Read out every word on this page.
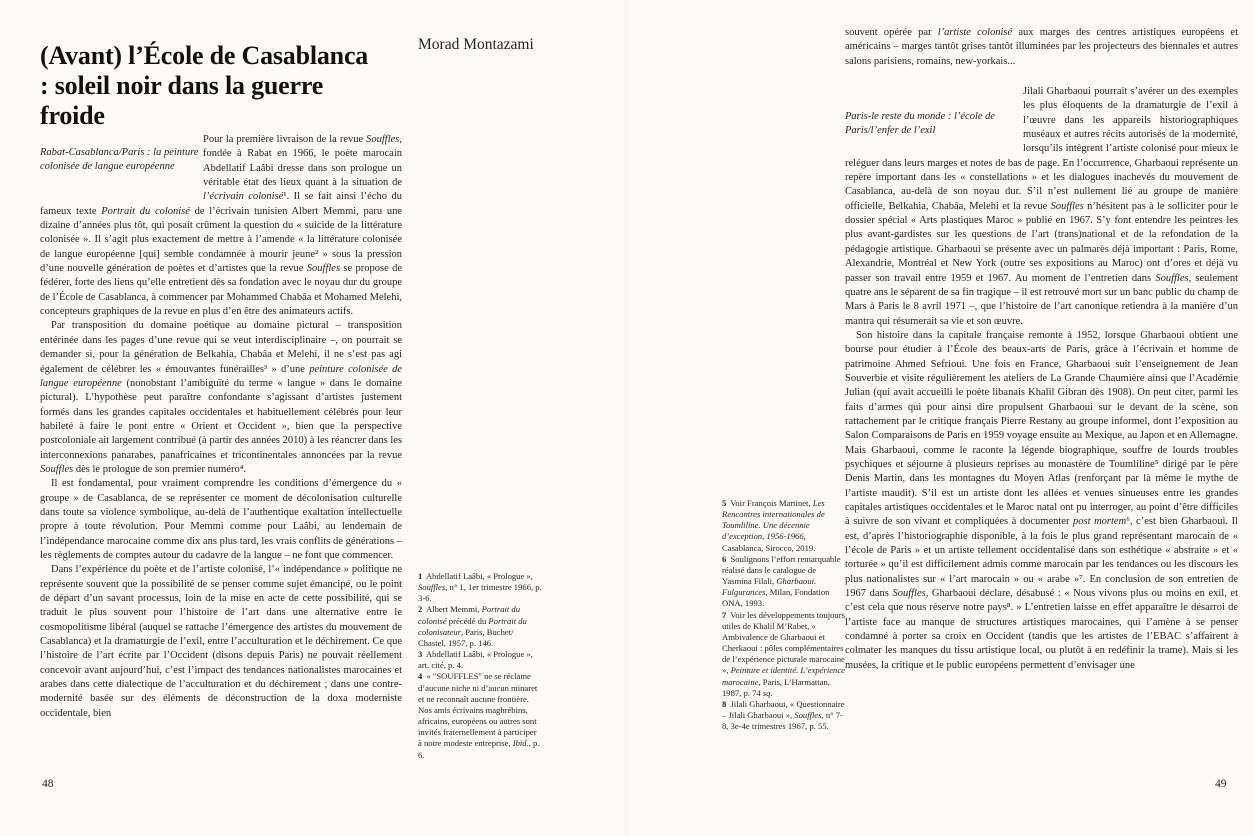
(Avant) l’École de Casablanca : soleil noir dans la guerre froide
Morad Montazami

Rabat-Casablanca/Paris : la peinture colonisée de langue européenne
Pour la première livraison de la revue Souffles, fondée à Rabat en 1966, le poète marocain Abdellatif Laâbi dresse dans son prologue un véritable état des lieux quant à la situation de l’écrivain colonisé¹. Il se fait ainsi l’écho du fameux texte Portrait du colonisé de l’écrivain tunisien Albert Memmi, paru une dizaine d’années plus tôt, qui posait crûment la question du « suicide de la littérature colonisée ». Il s’agit plus exactement de mettre à l’amende « la littérature colonisée de langue européenne [qui] semble condamnée à mourir jeune² » sous la pression d’une nouvelle génération de poètes et d’artistes que la revue Souffles se propose de fédérer, forte des liens qu’elle entretient dès sa fondation avec le noyau dur du groupe de l’École de Casablanca, à commencer par Mohammed Chabâa et Mohamed Melehi, concepteurs graphiques de la revue en plus d’en être des animateurs actifs.

Par transposition du domaine poétique au domaine pictural – transposition entérinée dans les pages d’une revue qui se veut interdisciplinaire –, on pourrait se demander si, pour la génération de Belkahia, Chabâa et Melehi, il ne s’est pas agi également de célébrer les « émouvantes funérailles³ » d’une peinture colonisée de langue européenne (nonobstant l’ambiguïté du terme « langue » dans le domaine pictural). L’hypothèse peut paraître confondante s’agissant d’artistes justement formés dans les grandes capitales occidentales et habituellement célébrés pour leur habileté à faire le pont entre « Orient et Occident », bien que la perspective postcoloniale ait largement contribué (à partir des années 2010) à les réancrer dans les interconnexions panarabes, panafricaines et tricontinentales annoncées par la revue Souffles dès le prologue de son premier numéro⁴.

Il est fondamental, pour vraiment comprendre les conditions d’émergence du « groupe » de Casablanca, de se représenter ce moment de décolonisation culturelle dans toute sa violence symbolique, au-delà de l’authentique exaltation intellectuelle propre à toute révolution. Pour Memmi comme pour Laâbi, au lendemain de l’indépendance marocaine comme dix ans plus tard, les vrais conflits de générations – les règlements de comptes autour du cadavre de la langue – ne font que commencer.

Dans l’expérience du poète et de l’artiste colonisé, l’« indépendance » politique ne représente souvent que la possibilité de se penser comme sujet émancipé, ou le point de départ d’un savant processus, loin de la mise en acte de cette possibilité, qui se traduit le plus souvent pour l’histoire de l’art dans une alternative entre le cosmopolitisme libéral (auquel se rattache l’émergence des artistes du mouvement de Casablanca) et la dramaturgie de l’exil, entre l’acculturation et le déchirement. Ce que l’histoire de l’art écrite par l’Occident (disons depuis Paris) ne pouvait réellement concevoir avant aujourd’hui, c’est l’impact des tendances nationalistes marocaines et arabes dans cette dialectique de l’acculturation et du déchirement ; dans une contre-modernité basée sur des éléments de déconstruction de la doxa moderniste occidentale, bien

1 Abdellatif Laâbi, « Prologue », Souffles, n° 1, 1er trimestre 1966, p. 3-6.

2 Albert Memmi, Portrait du colonisé précédé du Portrait du colonisateur, Paris, Buchet/ Chastel, 1957, p. 146.

3 Abdellatif Laâbi, « Prologue », art. cité, p. 4.

4 « "SOUFFLES" ne se réclame d’aucune niche ni d’aucun minaret et ne reconnaît aucune frontière. Nos amis écrivains maghrébins, africains, européens ou autres sont invités fraternellement à participer à notre modeste entreprise, Ibid., p. 6.

48

souvent opérée par l’artiste colonisé aux marges des centres artistiques européens et américains – marges tantôt grises tantôt illuminées par les projecteurs des biennales et autres salons parisiens, romains, new-yorkais...

Paris-le reste du monde : l’école de Paris/l’enfer de l’exil
Jilali Gharbaoui pourrait s’avérer un des exemples les plus éloquents de la dramaturgie de l’exil à l’œuvre dans les appareils historiographiques muséaux et autres récits autorisés de la modernité, lorsqu’ils intègrent l’artiste colonisé pour mieux le reléguer dans leurs marges et notes de bas de page. En l’occurrence, Gharbaoui représente un repère important dans les « constellations » et les dialogues inachevés du mouvement de Casablanca, au-delà de son noyau dur. S’il n’est nullement lié au groupe de manière officielle, Belkahia, Chabâa, Melehi et la revue Souffles n’hésitent pas à le solliciter pour le dossier spécial « Arts plastiques Maroc » publié en 1967. S’y font entendre les peintres les plus avant-gardistes sur les questions de l’art (trans)national et de la refondation de la pédagogie artistique. Gharbaoui se présente avec un palmarès déjà important : Paris, Rome, Alexandrie, Montréal et New York (outre ses expositions au Maroc) ont d’ores et déjà vu passer son travail entre 1959 et 1967. Au moment de l’entretien dans Souffles, seulement quatre ans le séparent de sa fin tragique – il est retrouvé mort sur un banc public du champ de Mars à Paris le 8 avril 1971 –, que l’histoire de l’art canonique retiendra à la manière d’un mantra qui résumerait sa vie et son œuvre.

Son histoire dans la capitale française remonte à 1952, lorsque Gharbaoui obtient une bourse pour étudier à l’École des beaux-arts de Paris, grâce à l’écrivain et homme de patrimoine Ahmed Sefrioui. Une fois en France, Gharbaoui suit l’enseignement de Jean Souverbie et visite régulièrement les ateliers de La Grande Chaumière ainsi que l’Académie Julian (qui avait accueilli le poète libanais Khalil Gibran dès 1908). On peut citer, parmi les faits d’armes qui pour ainsi dire propulsent Gharbaoui sur le devant de la scène, son rattachement par le critique français Pierre Restany au groupe informel, dont l’exposition au Salon Comparaisons de Paris en 1959 voyage ensuite au Mexique, au Japon et en Allemagne. Mais Gharbaoui, comme le raconte la légende biographique, souffre de lourds troubles psychiques et séjourne à plusieurs reprises au monastère de Toumliline⁵ dirigé par le père Denis Martin, dans les montagnes du Moyen Atlas (renforçant par là même le mythe de l’artiste maudit). S’il est un artiste dont les allées et venues sinueuses entre les grandes capitales artistiques occidentales et le Maroc natal ont pu interroger, au point d’être difficiles à suivre de son vivant et compliquées à documenter post mortem⁶, c’est bien Gharbaoui. Il est, d’après l’historiographie disponible, à la fois le plus grand représentant marocain de « l’école de Paris » et un artiste tellement occidentalisé dans son esthétique « abstraite » et « torturée » qu’il est difficilement admis comme marocain par les tendances ou les discours les plus nationalistes sur « l’art marocain » ou « arabe »⁷. En conclusion de son entretien de 1967 dans Souffles, Gharbaoui déclare, désabusé : « Nous vivons plus ou moins en exil, et c’est cela que nous réserve notre pays⁸. » L’entretien laisse en effet apparaître le désarroi de l’artiste face au manque de structures artistiques marocaines, qui l’amène à se penser condamné à porter sa croix en Occident (tandis que les artistes de l’EBAC s’affairent à colmater les manques du tissu artistique local, ou plutôt à en redéfinir la trame). Mais si les musées, la critique et le public européens permettent d’envisager une

5 Voir François Martinet, Les Rencontres internationales de Toumliline. Une décennie d’exception, 1956-1966, Casablanca, Sirocco, 2019.

6 Soulignons l’effort remarquable réalisé dans le catalogue de Yasmina Filali, Gharbaoui. Fulgurances, Milan, Fondation ONA, 1993.

7 Voir les développements toujours utiles de Khalil M’Rabet, « Ambivalence de Gharbaoui et Cherkaoui : pôles complémentaires de l’expérience picturale marocaine », Peinture et identité. L’expérience marocaine, Paris, L’Harmattan, 1987, p. 74 sq.

8 Jilali Gharbaoui, « Questionnaire – Jilali Gharbaoui », Souffles, n° 7-8, 3e-4e trimestres 1967, p. 55.

49
